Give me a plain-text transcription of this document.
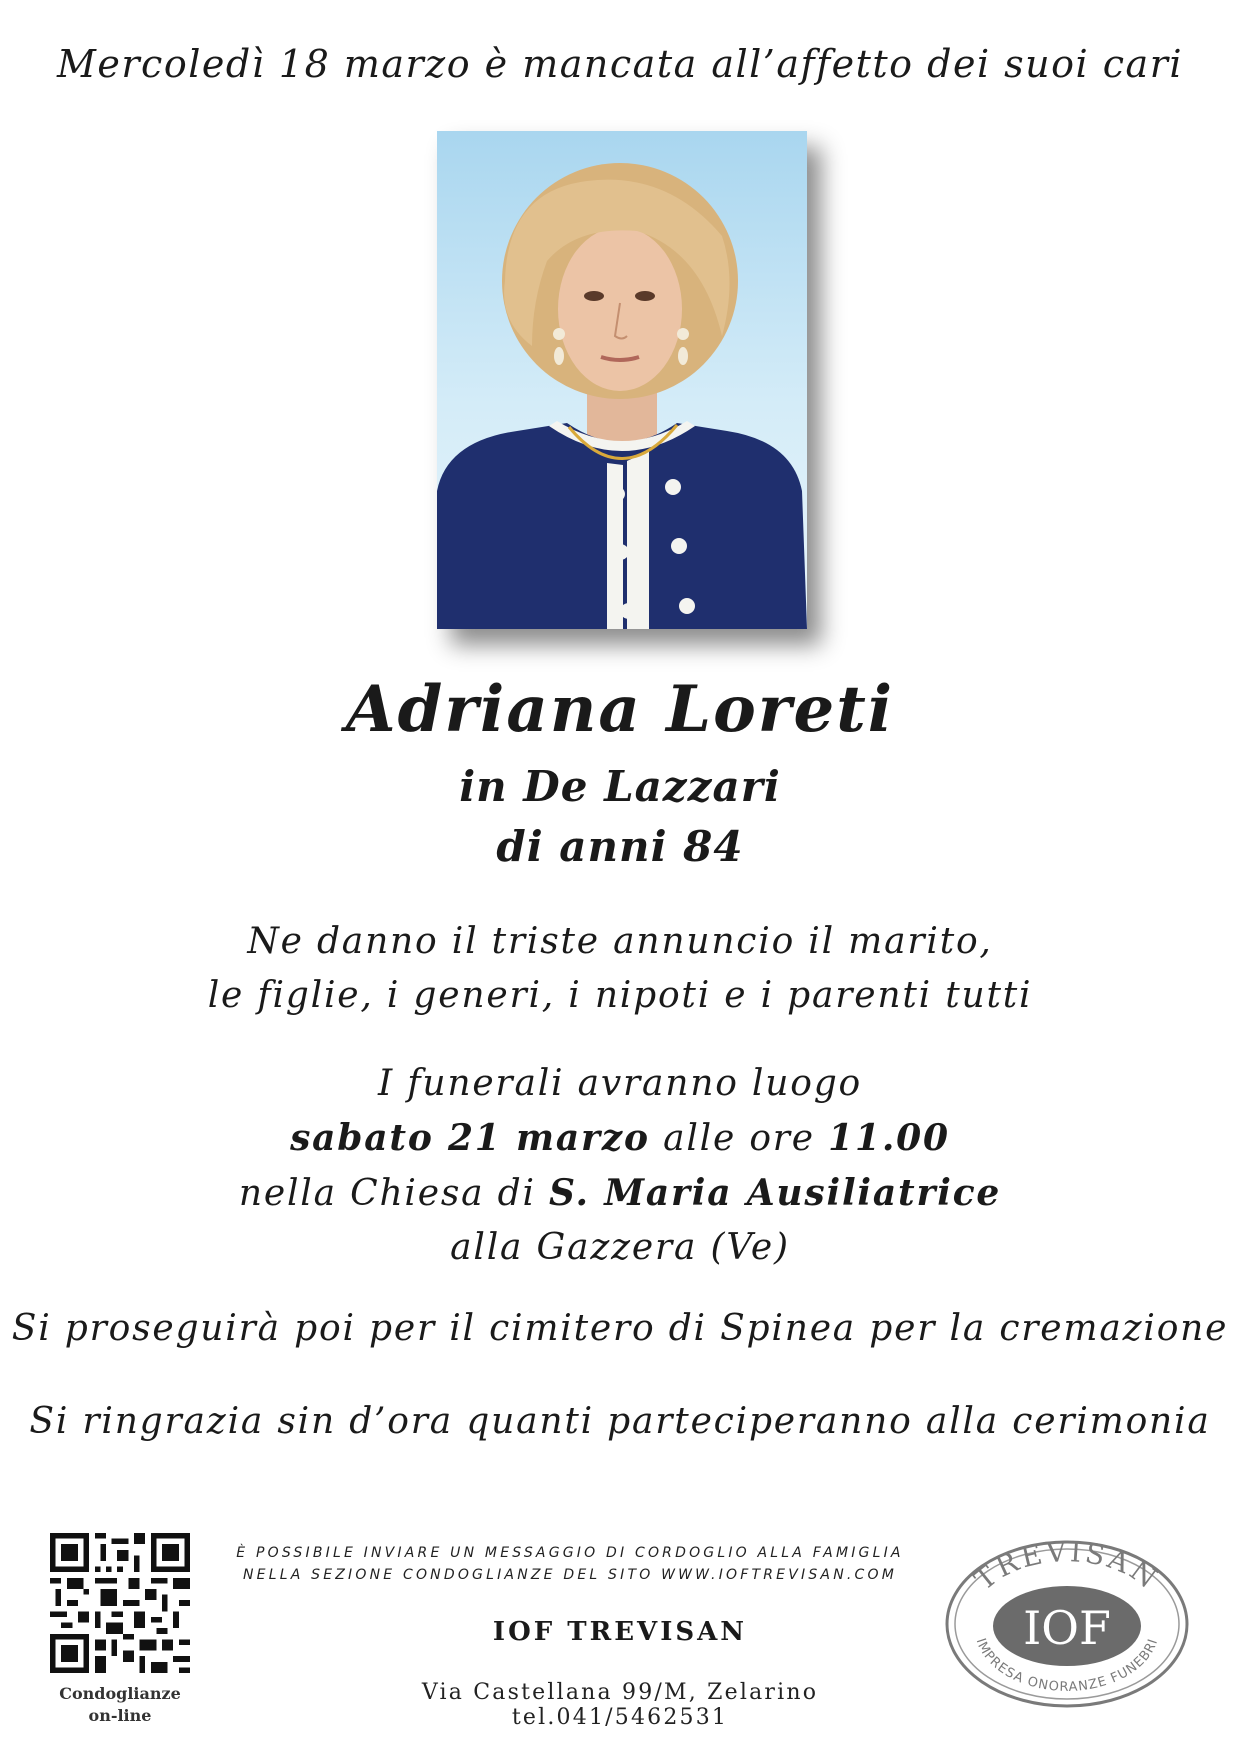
Mercoledì 18 marzo è mancata all’affetto dei suoi cari
Adriana Loreti
in De Lazzari
di anni 84
Ne danno il triste annuncio il marito,
le figlie, i generi, i nipoti e i parenti tutti
I funerali avranno luogo
sabato 21 marzo alle ore 11.00
nella Chiesa di S. Maria Ausiliatrice
alla Gazzera (Ve)
Si proseguirà poi per il cimitero di Spinea per la cremazione
Si ringrazia sin d’ora quanti parteciperanno alla cerimonia
Condoglianze
on-line
È POSSIBILE INVIARE UN MESSAGGIO DI CORDOGLIO ALLA FAMIGLIA
NELLA SEZIONE CONDOGLIANZE DEL SITO WWW.IOFTREVISAN.COM
IOF TREVISAN
Via Castellana 99/M, Zelarino tel.041/5462531
TREVISAN
IOF
IMPRESA ONORANZE FUNEBRI
